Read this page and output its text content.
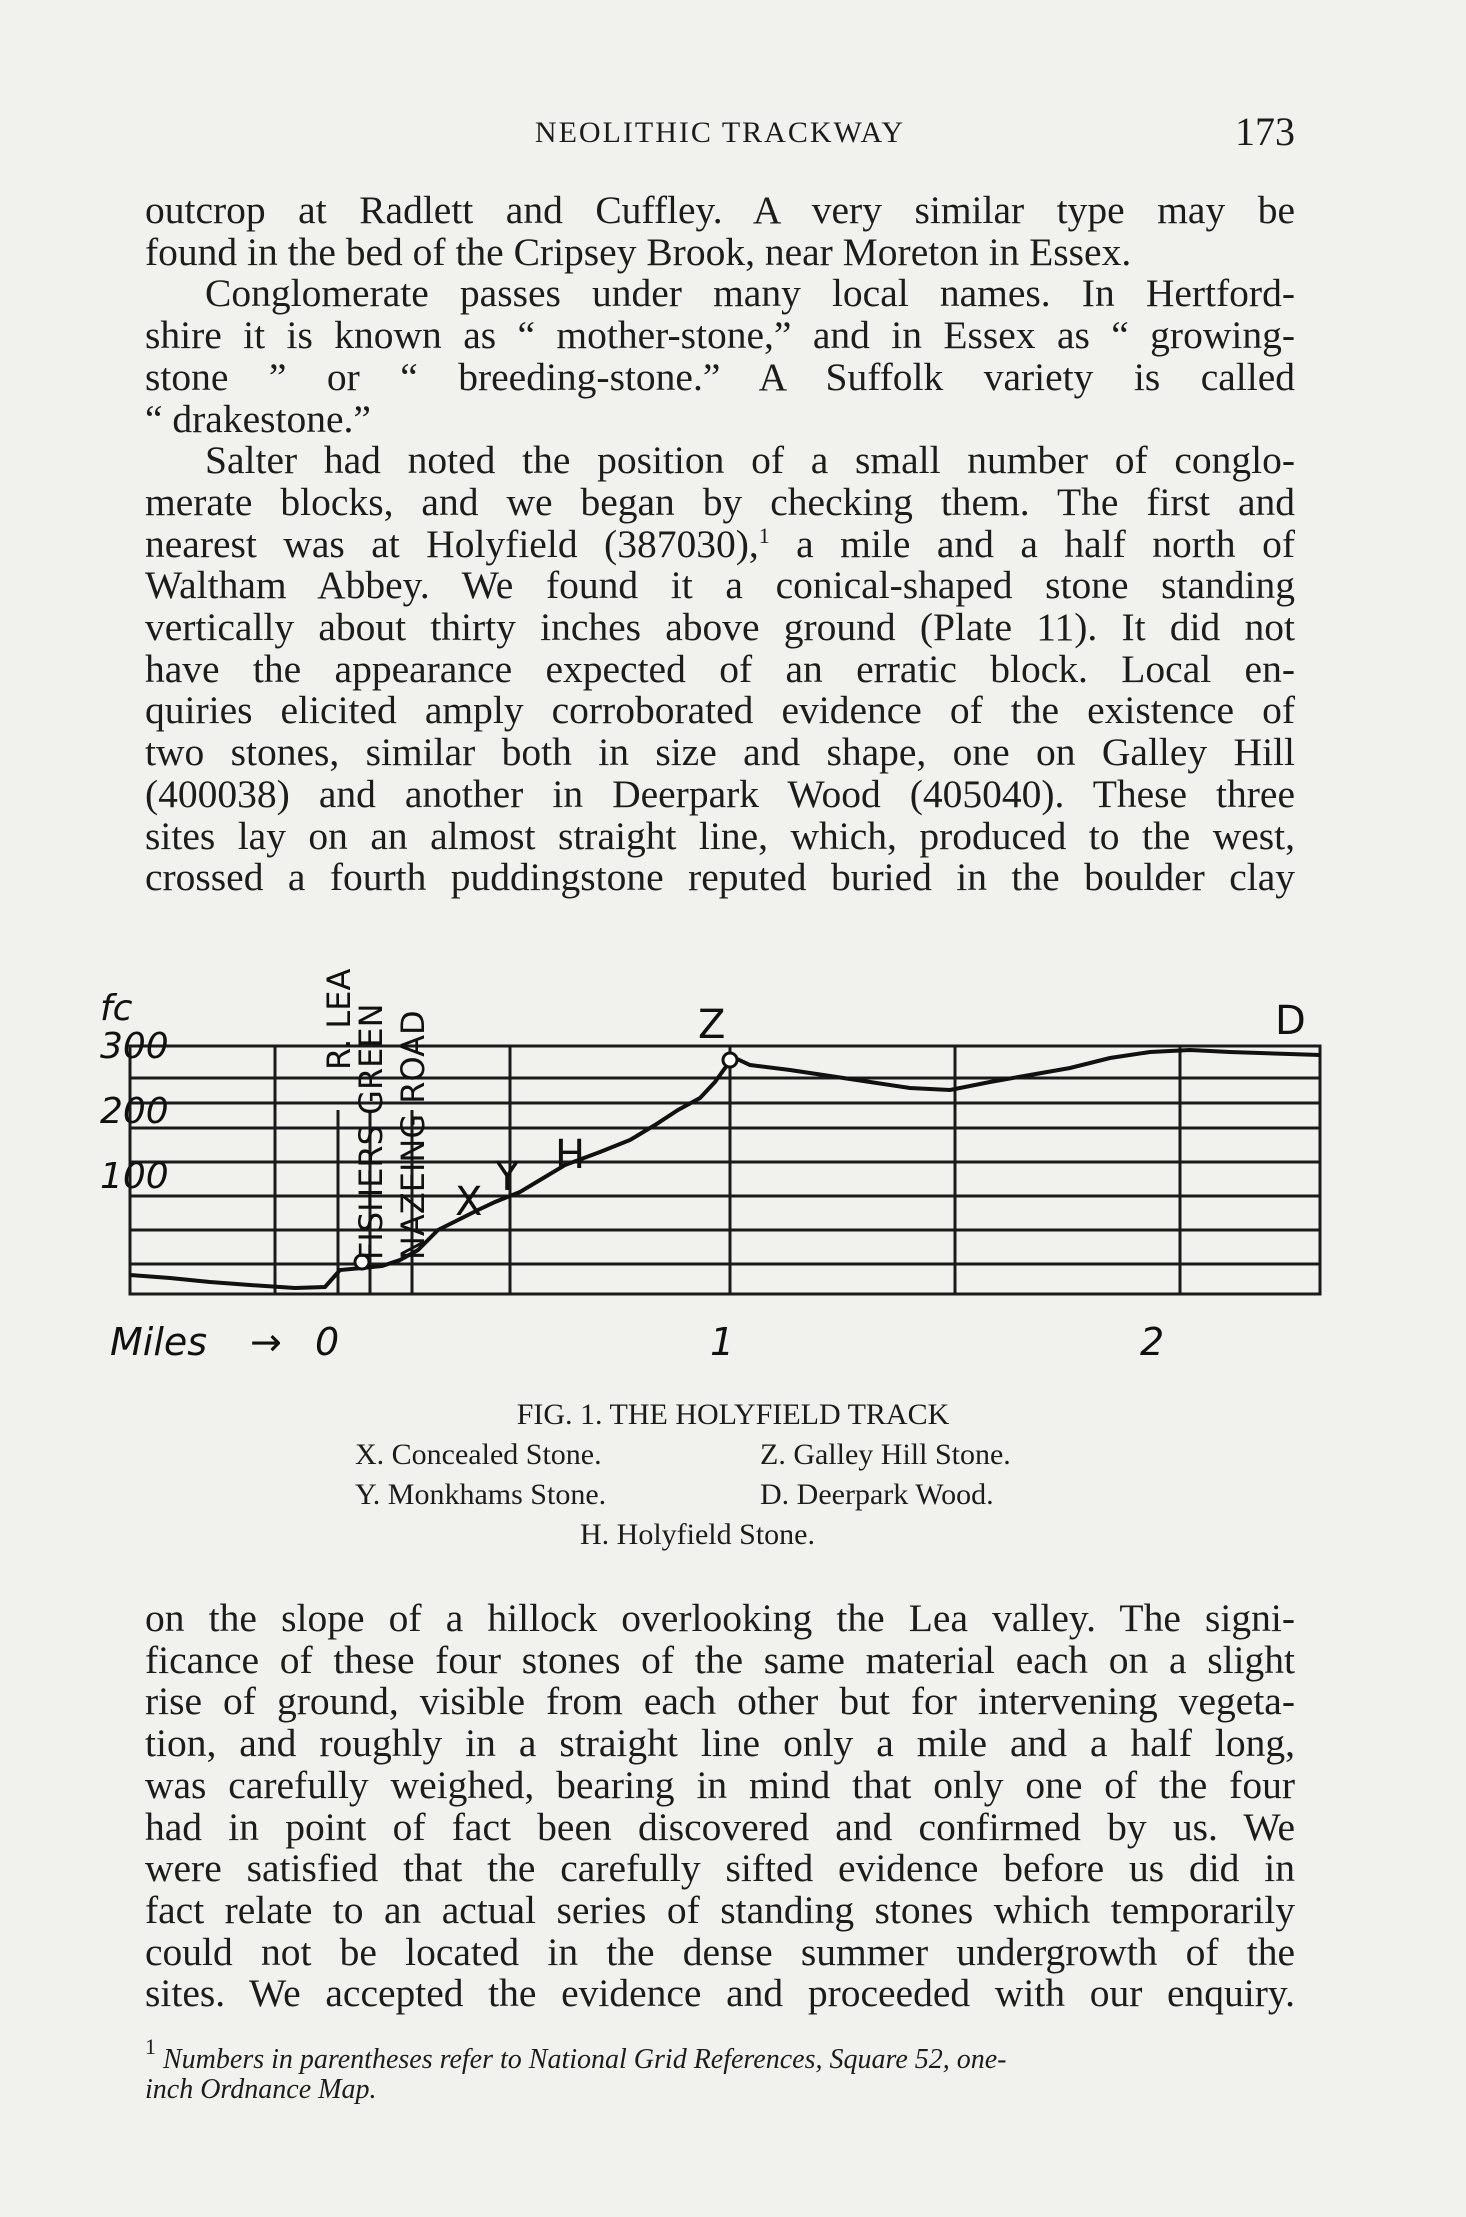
NEOLITHIC TRACKWAY	173

outcrop at Radlett and Cuffley. A very similar type may be
found in the bed of the Cripsey Brook, near Moreton in Essex.

Conglomerate passes under many local names. In Hertford-
shire it is known as “ mother-stone,” and in Essex as “ growing-
stone ” or “ breeding-stone.” A Suffolk variety is called
“ drakestone.”

Salter had noted the position of a small number of conglo-
merate blocks, and we began by checking them. The first and
nearest was at Holyfield (387030),$^1$ a mile and a half north of
Waltham Abbey. We found it a conical-shaped stone standing
vertically about thirty inches above ground (Plate 11). It did not
have the appearance expected of an erratic block. Local en-
quiries elicited amply corroborated evidence of the existence of
two stones, similar both in size and shape, one on Galley Hill
(400038) and another in Deerpark Wood (405040). These three
sites lay on an almost straight line, which, produced to the west,
crossed a fourth puddingstone reputed buried in the boulder clay

fc
300
200
100
R. LEA
FISHERS GREEN NAZEING ROAD X
Y H
Z	D
Miles → 0	1	2
FIG. 1. THE HOLYFIELD TRACK
X. Concealed Stone.	Z. Galley Hill Stone.
Y. Monkhams Stone.	D. Deerpark Wood.
H. Holyfield Stone.

on the slope of a hillock overlooking the Lea valley. The signi-
ficance of these four stones of the same material each on a slight
rise of ground, visible from each other but for intervening vegeta-
tion, and roughly in a straight line only a mile and a half long,
was carefully weighed, bearing in mind that only one of the four
had in point of fact been discovered and confirmed by us. We
were satisfied that the carefully sifted evidence before us did in
fact relate to an actual series of standing stones which temporarily
could not be located in the dense summer undergrowth of the
sites. We accepted the evidence and proceeded with our enquiry.

$^1$ Numbers in parentheses refer to National Grid References, Square 52, one-
inch Ordnance Map.
